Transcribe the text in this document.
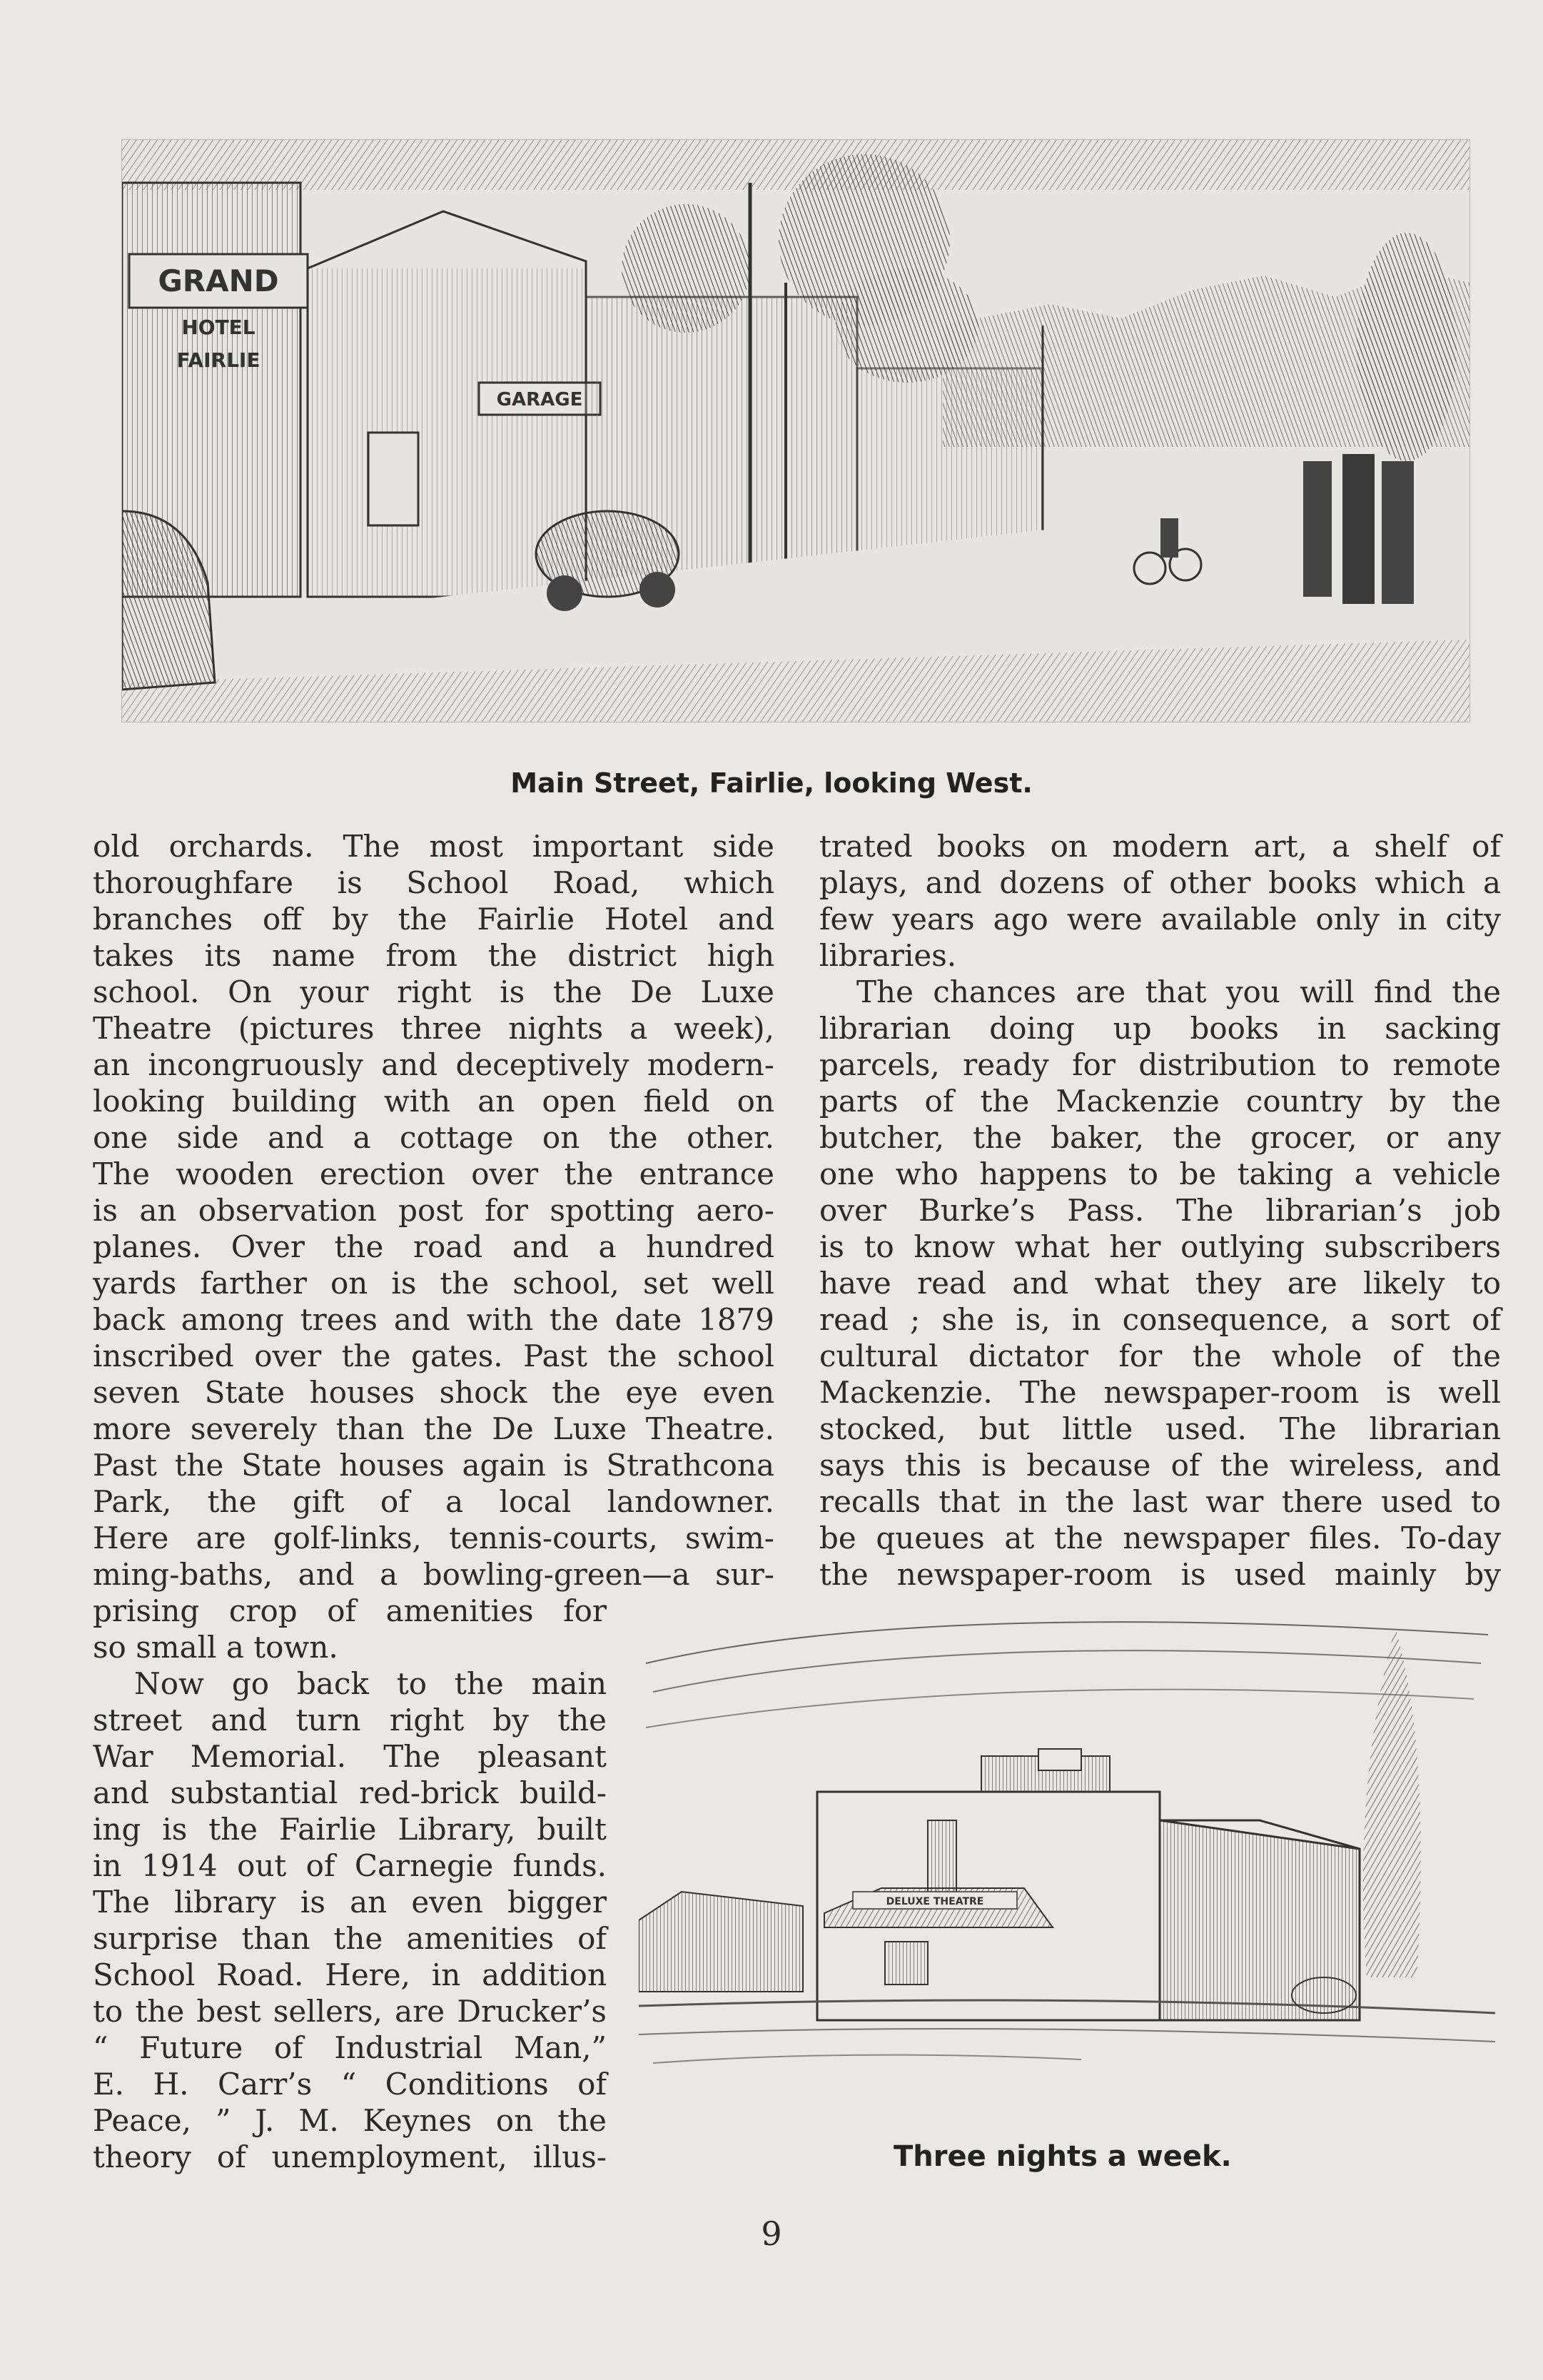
GRAND
HOTEL
FAIRLIE
GARAGE
Main Street, Fairlie, looking West.
old orchards. The most important side
thoroughfare is School Road, which
branches off by the Fairlie Hotel and
takes its name from the district high
school. On your right is the De Luxe
Theatre (pictures three nights a week),
an incongruously and deceptively modern-
looking building with an open field on
one side and a cottage on the other.
The wooden erection over the entrance
is an observation post for spotting aero-
planes. Over the road and a hundred
yards farther on is the school, set well
back among trees and with the date 1879
inscribed over the gates. Past the school
seven State houses shock the eye even
more severely than the De Luxe Theatre.
Past the State houses again is Strathcona
Park, the gift of a local landowner.
Here are golf-links, tennis-courts, swim-
ming-baths, and a bowling-green—a sur-
prising crop of amenities for
so small a town.
Now go back to the main
street and turn right by the
War Memorial. The pleasant
and substantial red-brick build-
ing is the Fairlie Library, built
in 1914 out of Carnegie funds.
The library is an even bigger
surprise than the amenities of
School Road. Here, in addition
to the best sellers, are Drucker’s
“ Future of Industrial Man,”
E. H. Carr’s “ Conditions of
Peace, ” J. M. Keynes on the
theory of unemployment, illus-
trated books on modern art, a shelf of
plays, and dozens of other books which a
few years ago were available only in city
libraries.
The chances are that you will find the
librarian doing up books in sacking
parcels, ready for distribution to remote
parts of the Mackenzie country by the
butcher, the baker, the grocer, or any
one who happens to be taking a vehicle
over Burke’s Pass. The librarian’s job
is to know what her outlying subscribers
have read and what they are likely to
read ; she is, in consequence, a sort of
cultural dictator for the whole of the
Mackenzie. The newspaper-room is well
stocked, but little used. The librarian
says this is because of the wireless, and
recalls that in the last war there used to
be queues at the newspaper files. To-day
the newspaper-room is used mainly by
DELUXE THEATRE
Three nights a week.
9
